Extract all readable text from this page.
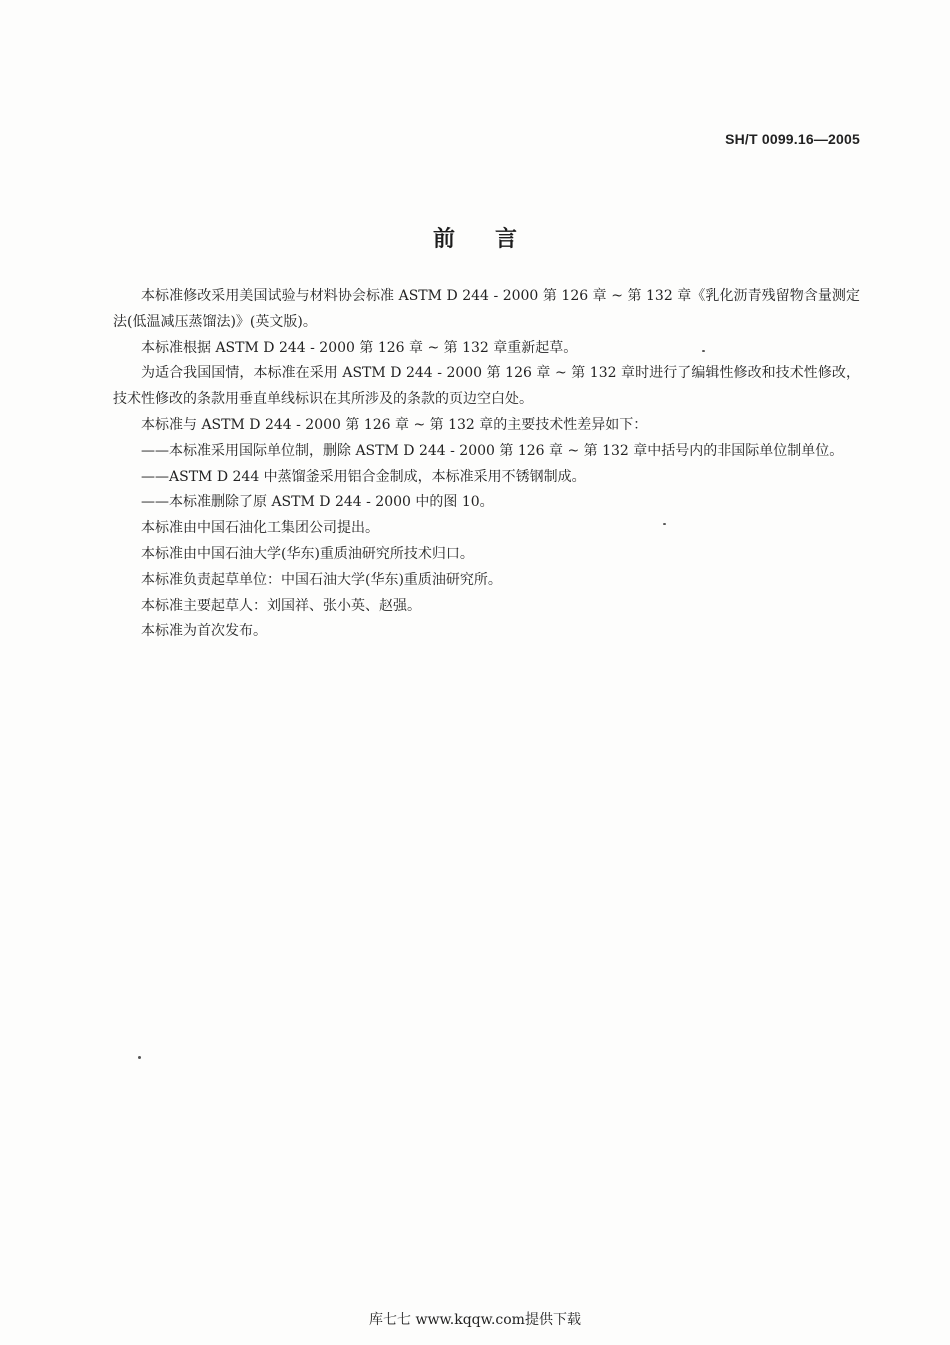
SH/T 0099.16—2005
前言

本标准修改采用美国试验与材料协会标准 ASTM D 244 - 2000 第 126 章 ~ 第 132 章《乳化沥青残留物含量测定法(低温减压蒸馏法)》(英文版)。

本标准根据 ASTM D 244 - 2000 第 126 章 ~ 第 132 章重新起草。

为适合我国国情，本标准在采用 ASTM D 244 - 2000 第 126 章 ~ 第 132 章时进行了编辑性修改和技术性修改，技术性修改的条款用垂直单线标识在其所涉及的条款的页边空白处。

本标准与 ASTM D 244 - 2000 第 126 章 ~ 第 132 章的主要技术性差异如下：

——本标准采用国际单位制，删除 ASTM D 244 - 2000 第 126 章 ~ 第 132 章中括号内的非国际单位制单位。

——ASTM D 244 中蒸馏釜采用铝合金制成，本标准采用不锈钢制成。

——本标准删除了原 ASTM D 244 - 2000 中的图 10。

本标准由中国石油化工集团公司提出。

本标准由中国石油大学(华东)重质油研究所技术归口。

本标准负责起草单位：中国石油大学(华东)重质油研究所。

本标准主要起草人：刘国祥、张小英、赵强。

本标准为首次发布。

库七七 www.kqqw.com提供下载
